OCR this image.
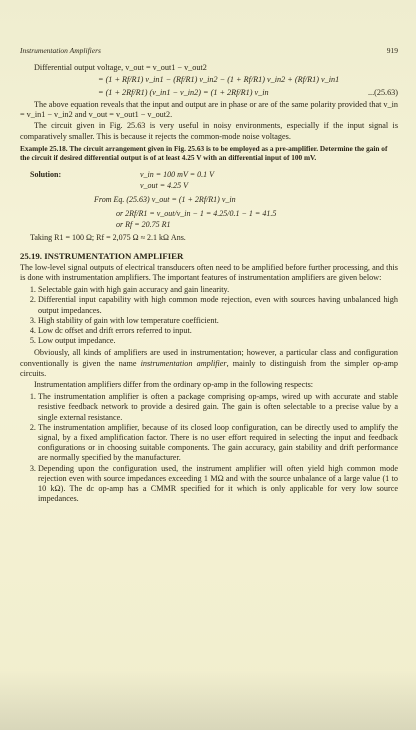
Instrumentation Amplifiers	919
Differential output voltage, v_out = v_out1 − v_out2
= (1 + Rf/R1) v_in1 − (Rf/R1) v_in2 − (1 + Rf/R1) v_in2 + (Rf/R1) v_in1
= (1 + 2Rf/R1) (v_in1 − v_in2) = (1 + 2Rf/R1) v_in	...(25.63)

The above equation reveals that the input and output are in phase or are of the same polarity provided that v_in = v_in1 − v_in2 and v_out = v_out1 − v_out2.

The circuit given in Fig. 25.63 is very useful in noisy environments, especially if the input signal is comparatively smaller. This is because it rejects the common-mode noise voltages.

Example 25.18. The circuit arrangement given in Fig. 25.63 is to be employed as a pre-amplifier. Determine the gain of the circuit if desired differential output is of at least 4.25 V with an differential input of 100 mV.

Solution:	v_in = 100 mV = 0.1 V
v_out = 4.25 V
From Eq. (25.63) v_out = (1 + 2Rf/R1) v_in
or 2Rf/R1 = v_out/v_in − 1 = 4.25/0.1 − 1 = 41.5
or Rf = 20.75 R1
Taking R1 = 100 Ω; Rf = 2,075 Ω ≈ 2.1 kΩ Ans.
25.19. INSTRUMENTATION AMPLIFIER

The low-level signal outputs of electrical transducers often need to be amplified before further processing, and this is done with instrumentation amplifiers. The important features of instrumentation amplifiers are given below:

1. Selectable gain with high gain accuracy and gain linearity.
2. Differential input capability with high common mode rejection, even with sources having unbalanced high output impedances.
3. High stability of gain with low temperature coefficient.
4. Low dc offset and drift errors referred to input.
5. Low output impedance.

Obviously, all kinds of amplifiers are used in instrumentation; however, a particular class and configuration conventionally is given the name instrumentation amplifier, mainly to distinguish from the simpler op-amp circuits.

Instrumentation amplifiers differ from the ordinary op-amp in the following respects:

1. The instrumentation amplifier is often a package comprising op-amps, wired up with accurate and stable resistive feedback network to provide a desired gain. The gain is often selectable to a precise value by a single external resistance.
2. The instrumentation amplifier, because of its closed loop configuration, can be directly used to amplify the signal, by a fixed amplification factor. There is no user effort required in selecting the input and feedback configurations or in choosing suitable components. The gain accuracy, gain stability and drift performance are normally specified by the manufacturer.
3. Depending upon the configuration used, the instrument amplifier will often yield high common mode rejection even with source impedances exceeding 1 MΩ and with the source unbalance of a large value (1 to 10 kΩ). The dc op-amp has a CMMR specified for it which is only applicable for very low source impedances.
